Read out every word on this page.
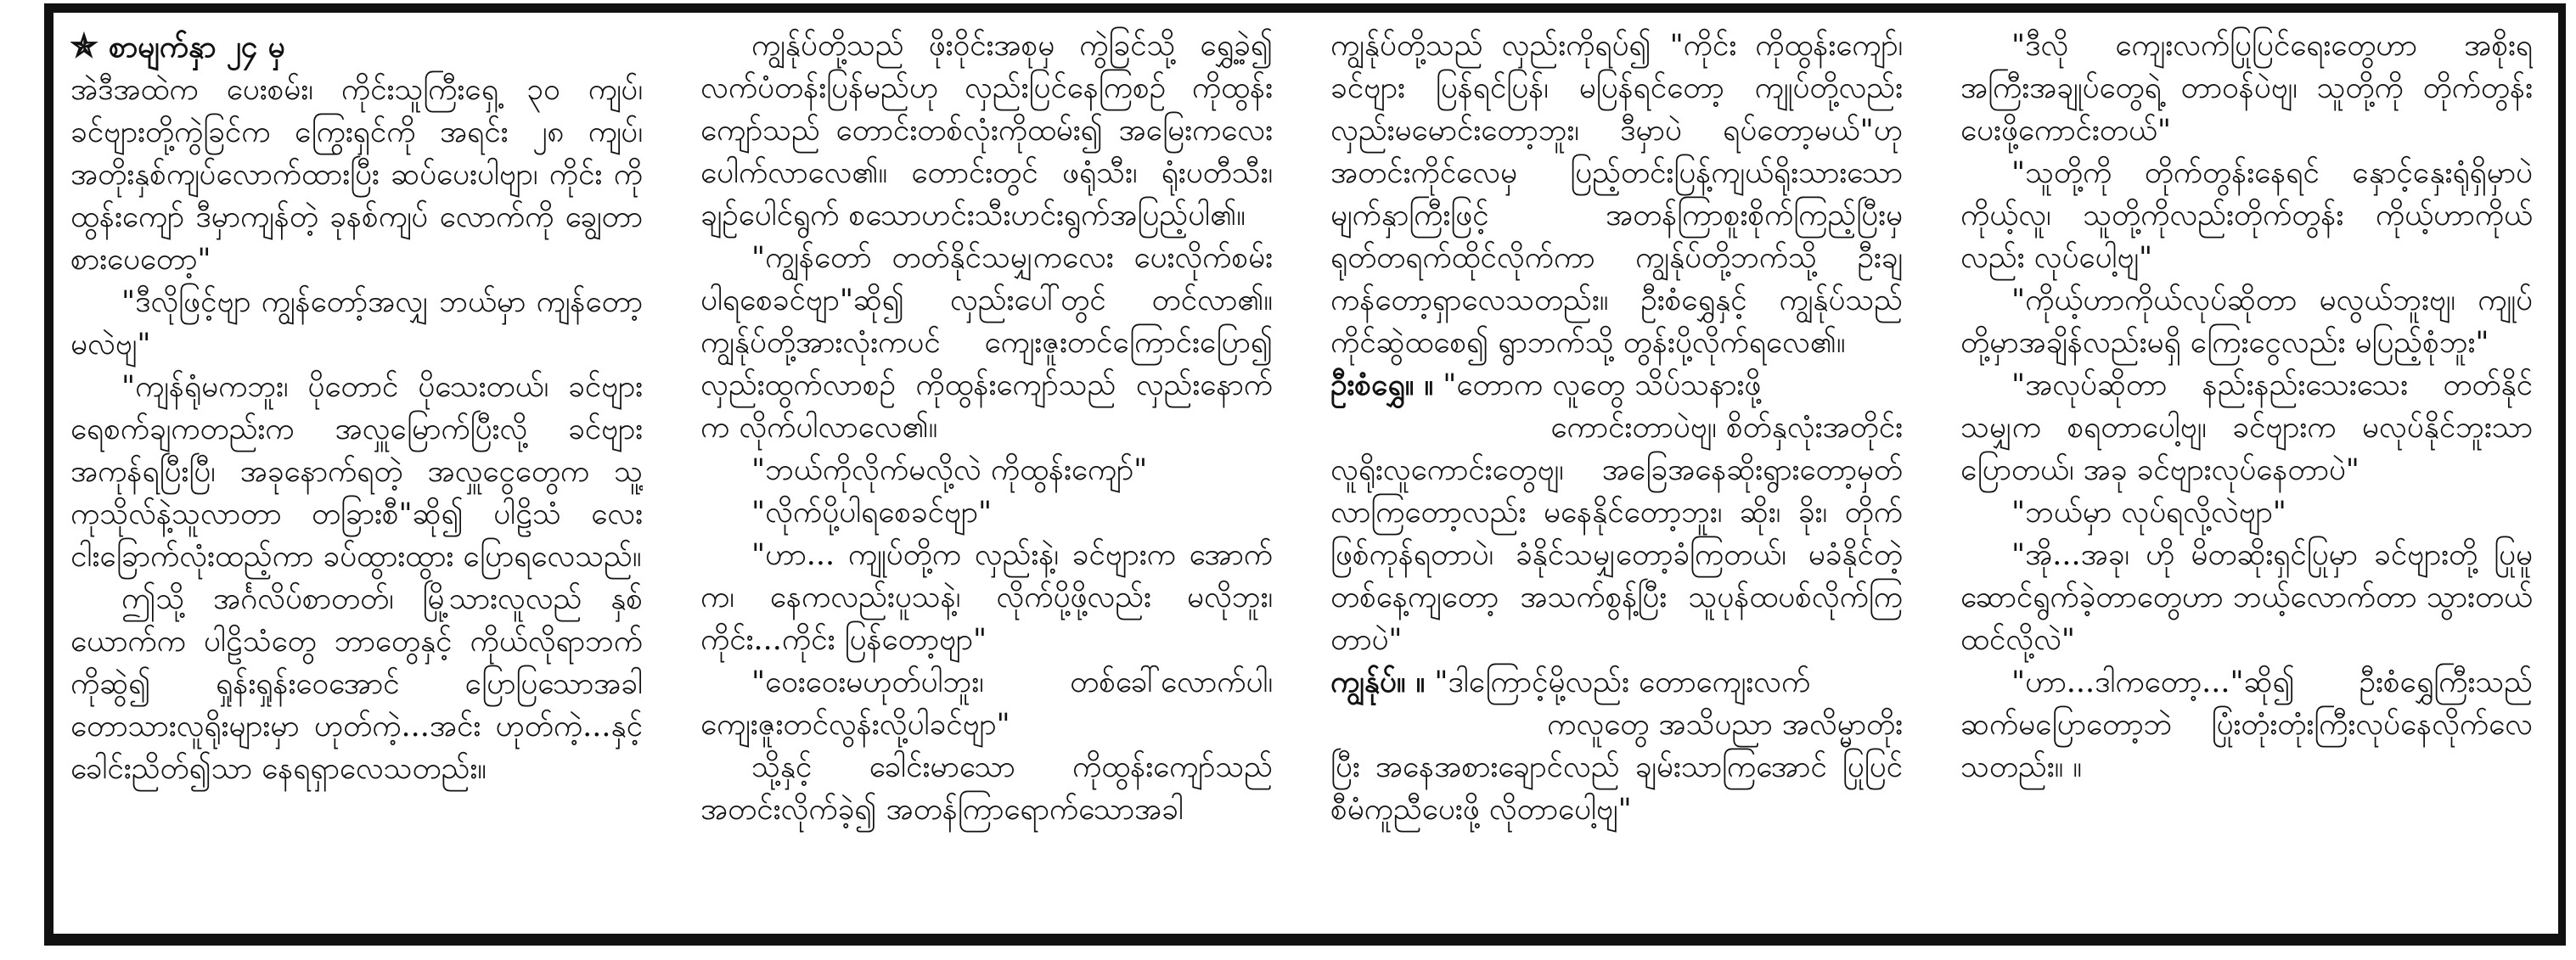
✯ စာမျက်နှာ ၂၄ မှ

အဲဒီအထဲက ပေးစမ်း၊ ကိုင်းသူကြီးရှေ့ ၃၀ ကျပ်၊ ခင်ဗျားတို့ကွဲခြင်က ကြွေးရှင်ကို အရင်း ၂၈ ကျပ်၊ အတိုးနှစ်ကျပ်လောက်ထားပြီး ဆပ်ပေးပါဗျာ၊ ကိုင်း ကိုထွန်းကျော် ဒီမှာကျန်တဲ့ ခုနစ်ကျပ် လောက်ကို ချွေတာစားပေတော့"

"ဒီလိုဖြင့်ဗျာ ကျွန်တော့်အလျှ ဘယ်မှာ ကျန်တော့မလဲဗျ"

"ကျန်ရုံမကဘူး၊ ပိုတောင် ပိုသေးတယ်၊ ခင်ဗျားရေစက်ချကတည်းက အလှူမြောက်ပြီးလို့ ခင်ဗျားအကုန်ရပြီးပြီ၊ အခုနောက်ရတဲ့ အလှူငွေတွေက သူ့ကုသိုလ်နဲ့သူလာတာ တခြားစီ"ဆို၍ ပါဠိသံ လေးငါးခြောက်လုံးထည့်ကာ ခပ်ထွားထွား ပြောရလေသည်။

ဤသို့ အင်္ဂလိပ်စာတတ်၊ မြို့သားလူလည် နှစ်ယောက်က ပါဠိသံတွေ ဘာတွေနှင့် ကိုယ်လိုရာဘက်ကိုဆွဲ၍ ရှုန်းရှုန်းဝေအောင် ပြောပြသောအခါ တောသားလူရိုးများမှာ ဟုတ်ကဲ့...အင်း ဟုတ်ကဲ့...နှင့် ခေါင်းညိတ်၍သာ နေရရှာလေသတည်း။

ကျွန်ုပ်တို့သည် ဖိုးဝိုင်းအစုမှ ကွဲခြင်သို့ ရွှေ့ခဲ့၍ လက်ပံတန်းပြန်မည်ဟု လှည်းပြင်နေကြစဉ် ကိုထွန်းကျော်သည် တောင်းတစ်လုံးကိုထမ်း၍ အမြေးကလေး ပေါက်လာလေ၏။ တောင်းတွင် ဖရုံသီး၊ ရုံးပတီသီး၊ ချဉ်ပေါင်ရွက် စသောဟင်းသီးဟင်းရွက်အပြည့်ပါ၏။

"ကျွန်တော် တတ်နိုင်သမျှကလေး ပေးလိုက်စမ်းပါရစေခင်ဗျာ"ဆို၍ လှည်းပေါ်တွင် တင်လာ၏။ ကျွန်ုပ်တို့အားလုံးကပင် ကျေးဇူးတင်ကြောင်းပြော၍ လှည်းထွက်လာစဉ် ကိုထွန်းကျော်သည် လှည်းနောက်က လိုက်ပါလာလေ၏။

"ဘယ်ကိုလိုက်မလို့လဲ ကိုထွန်းကျော်"

"လိုက်ပို့ပါရစေခင်ဗျာ"

"ဟာ... ကျုပ်တို့က လှည်းနဲ့၊ ခင်ဗျားက အောက်က၊ နေကလည်းပူသနဲ့၊ လိုက်ပို့ဖို့လည်း မလိုဘူး၊ ကိုင်း...ကိုင်း ပြန်တော့ဗျာ"

"ဝေးဝေးမဟုတ်ပါဘူး၊ တစ်ခေါ်လောက်ပါ၊ ကျေးဇူးတင်လွန်းလို့ပါခင်ဗျာ"

သို့နှင့် ခေါင်းမာသော ကိုထွန်းကျော်သည် အတင်းလိုက်ခဲ့၍ အတန်ကြာရောက်သောအခါ

ကျွန်ုပ်တို့သည် လှည်းကိုရပ်၍ "ကိုင်း ကိုထွန်းကျော်၊ ခင်ဗျား ပြန်ရင်ပြန်၊ မပြန်ရင်တော့ ကျုပ်တို့လည်း လှည်းမမောင်းတော့ဘူး၊ ဒီမှာပဲ ရပ်တော့မယ်"ဟု အတင်းကိုင်လေမှ ပြည့်တင်းပြန့်ကျယ်ရိုးသားသော မျက်နှာကြီးဖြင့် အတန်ကြာစူးစိုက်ကြည့်ပြီးမှ ရုတ်တရက်ထိုင်လိုက်ကာ ကျွန်ုပ်တို့ဘက်သို့ ဦးချ ကန်တော့ရှာလေသတည်း။ ဦးစံရွှေနှင့် ကျွန်ုပ်သည် ကိုင်ဆွဲထစေ၍ ရွာဘက်သို့ တွန်းပို့လိုက်ရလေ၏။

ဦးစံရွှေ။ ။ "တောက လူတွေ သိပ်သနားဖို့

ကောင်းတာပဲဗျ၊ စိတ်နှလုံးအတိုင်း

လူရိုးလူကောင်းတွေဗျ၊ အခြေအနေဆိုးရွားတော့မှတ် လာကြတော့လည်း မနေနိုင်တော့ဘူး၊ ဆိုး၊ ခိုး၊ တိုက် ဖြစ်ကုန်ရတာပဲ၊ ခံနိုင်သမျှတော့ခံကြတယ်၊ မခံနိုင်တဲ့ တစ်နေ့ကျတော့ အသက်စွန့်ပြီး သူပုန်ထပစ်လိုက်ကြ တာပဲ"

ကျွန်ုပ်။ ။ "ဒါကြောင့်မို့လည်း တောကျေးလက်

ကလူတွေ အသိပညာ အလိမ္မာတိုး

ပြီး အနေအစားချောင်လည် ချမ်းသာကြအောင် ပြုပြင်စီမံကူညီပေးဖို့ လိုတာပေါ့ဗျ"

"ဒီလို ကျေးလက်ပြုပြင်ရေးတွေဟာ အစိုးရ အကြီးအချုပ်တွေရဲ့ တာဝန်ပဲဗျ၊ သူတို့ကို တိုက်တွန်းပေးဖို့ကောင်းတယ်"

"သူတို့ကို တိုက်တွန်းနေရင် နှောင့်နှေးရုံရှိမှာပဲကိုယ့်လူ၊ သူတို့ကိုလည်းတိုက်တွန်း ကိုယ့်ဟာကိုယ်လည်း လုပ်ပေါ့ဗျ"

"ကိုယ့်ဟာကိုယ်လုပ်ဆိုတာ မလွယ်ဘူးဗျ၊ ကျုပ်တို့မှာအချိန်လည်းမရှိ ကြေးငွေလည်း မပြည့်စုံဘူး"

"အလုပ်ဆိုတာ နည်းနည်းသေးသေး တတ်နိုင်သမျှက စရတာပေါ့ဗျ၊ ခင်ဗျားက မလုပ်နိုင်ဘူးသာပြောတယ်၊ အခု ခင်ဗျားလုပ်နေတာပဲ"

"ဘယ်မှာ လုပ်ရလို့လဲဗျာ"

"အို...အခု၊ ဟို မိတဆိုးရှင်ပြုမှာ ခင်ဗျားတို့ ပြုမူဆောင်ရွက်ခဲ့တာတွေဟာ ဘယ့်လောက်တာ သွားတယ်ထင်လို့လဲ"

"ဟာ...ဒါကတော့..."ဆို၍ ဦးစံရွှေကြီးသည် ဆက်မပြောတော့ဘဲ ပြုံးတုံးတုံးကြီးလုပ်နေလိုက်လေသတည်း။ ။
